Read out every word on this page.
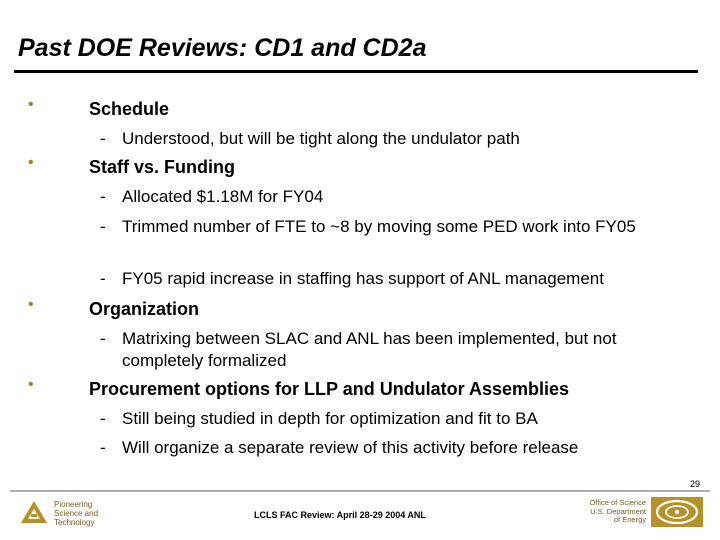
Past DOE Reviews: CD1 and CD2a
•	Schedule
- Understood, but will be tight along the undulator path
•	Staff vs. Funding
- Allocated $1.18M for FY04
- Trimmed number of FTE to ~8 by moving some PED work into FY05
- FY05 rapid increase in staffing has support of ANL management
•	Organization
- Matrixing between SLAC and ANL has been implemented, but not completely formalized
•	Procurement options for LLP and Undulator Assemblies
- Still being studied in depth for optimization and fit to BA
- Will organize a separate review of this activity before release
29
Pioneering
Science and
Technology
LCLS FAC Review: April 28-29 2004 ANL
Office of Science
U.S. Department
of Energy
